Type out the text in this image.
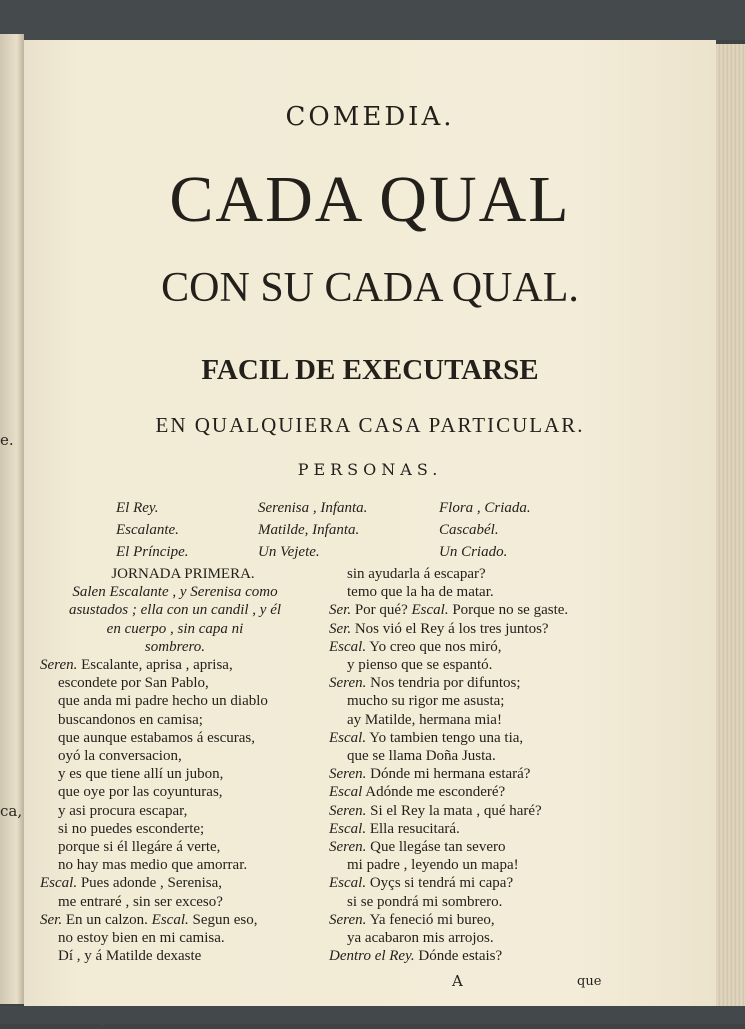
e.
ca,
COMEDIA.
CADA QUAL
CON SU CADA QUAL.
FACIL DE EXECUTARSE
EN QUALQUIERA CASA PARTICULAR.
PERSONAS.
El Rey.
Escalante.
El Príncipe.
Serenisa , Infanta.
Matilde, Infanta.
Un Vejete.
Flora , Criada.
Cascabél.
Un Criado.
JORNADA PRIMERA.
Salen Escalante , y Serenisa como
asustados ; ella con un candil , y él
en cuerpo , sin capa ni
sombrero.
Seren. Escalante, aprisa , aprisa,
escondete por San Pablo,
que anda mi padre hecho un diablo
buscandonos en camisa;
que aunque estabamos á escuras,
oyó la conversacion,
y es que tiene allí un jubon,
que oye por las coyunturas,
y asi procura escapar,
si no puedes esconderte;
porque si él llegáre á verte,
no hay mas medio que amorrar.
Escal. Pues adonde , Serenisa,
me entraré , sin ser exceso?
Ser. En un calzon. Escal. Segun eso,
no estoy bien en mi camisa.
Dí , y á Matilde dexaste
sin ayudarla á escapar?
temo que la ha de matar.
Ser. Por qué? Escal. Porque no se gaste.
Ser. Nos vió el Rey á los tres juntos?
Escal. Yo creo que nos miró,
y pienso que se espantó.
Seren. Nos tendria por difuntos;
mucho su rigor me asusta;
ay Matilde, hermana mia!
Escal. Yo tambien tengo una tia,
que se llama Doña Justa.
Seren. Dónde mi hermana estará?
Escal Adónde me esconderé?
Seren. Si el Rey la mata , qué haré?
Escal. Ella resucitará.
Seren. Que llegáse tan severo
mi padre , leyendo un mapa!
Escal. Oyçs si tendrá mi capa?
si se pondrá mi sombrero.
Seren. Ya feneció mi bureo,
ya acabaron mis arrojos.
Dentro el Rey. Dónde estais?
A	que
